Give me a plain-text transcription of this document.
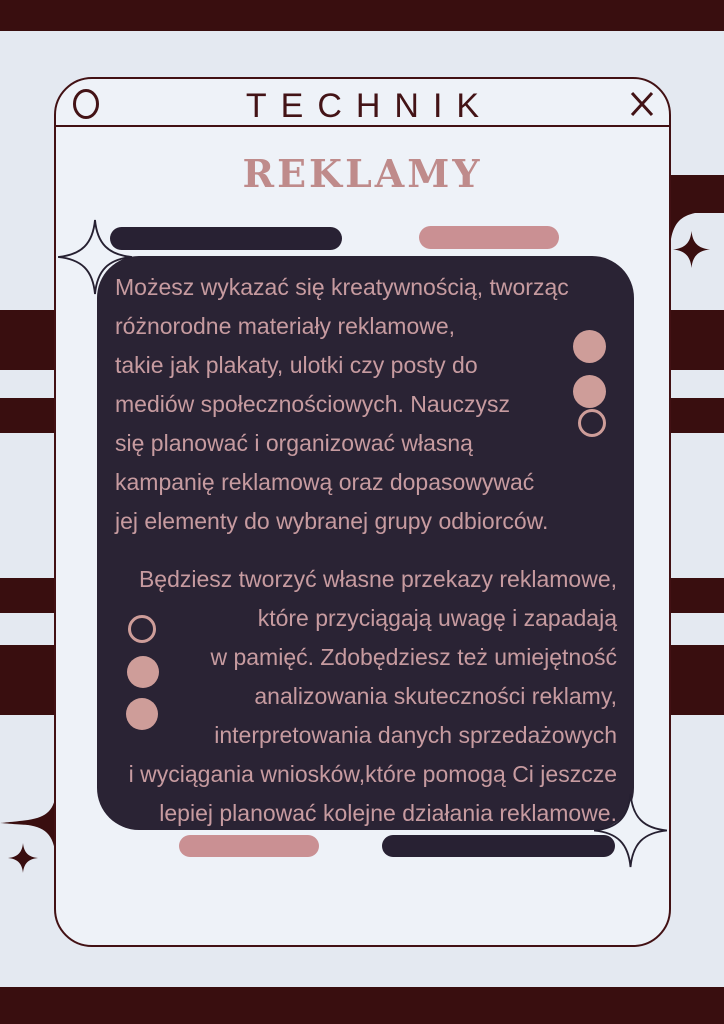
TECHNIK
REKLAMY
Możesz wykazać się kreatywnością, tworząc
różnorodne materiały reklamowe,
takie jak plakaty, ulotki czy posty do
mediów społecznościowych. Nauczysz
się planować i organizować własną
kampanię reklamową oraz dopasowywać
jej elementy do wybranej grupy odbiorców.
Będziesz tworzyć własne przekazy reklamowe,
które przyciągają uwagę i zapadają
w pamięć. Zdobędziesz też umiejętność
analizowania skuteczności reklamy,
interpretowania danych sprzedażowych
i wyciągania wniosków,które pomogą Ci jeszcze
lepiej planować kolejne działania reklamowe.
